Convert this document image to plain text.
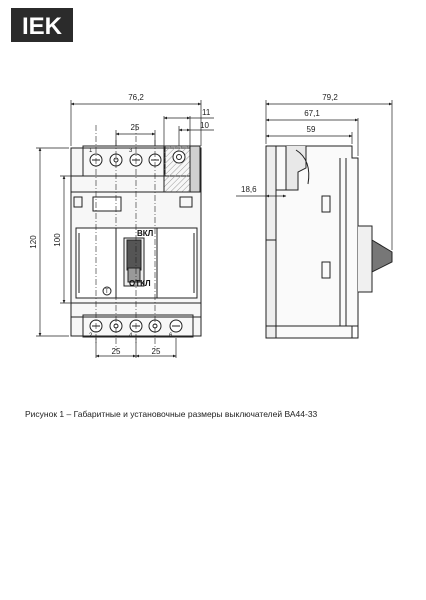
IEK
76,2
25
11
10
120 100
25	25
ВКЛ
ОТКЛ
T
1	3
2	4	6
79,2
67,1
59
18,6
Рисунок 1 – Габаритные и установочные размеры выключателей ВА44-33
